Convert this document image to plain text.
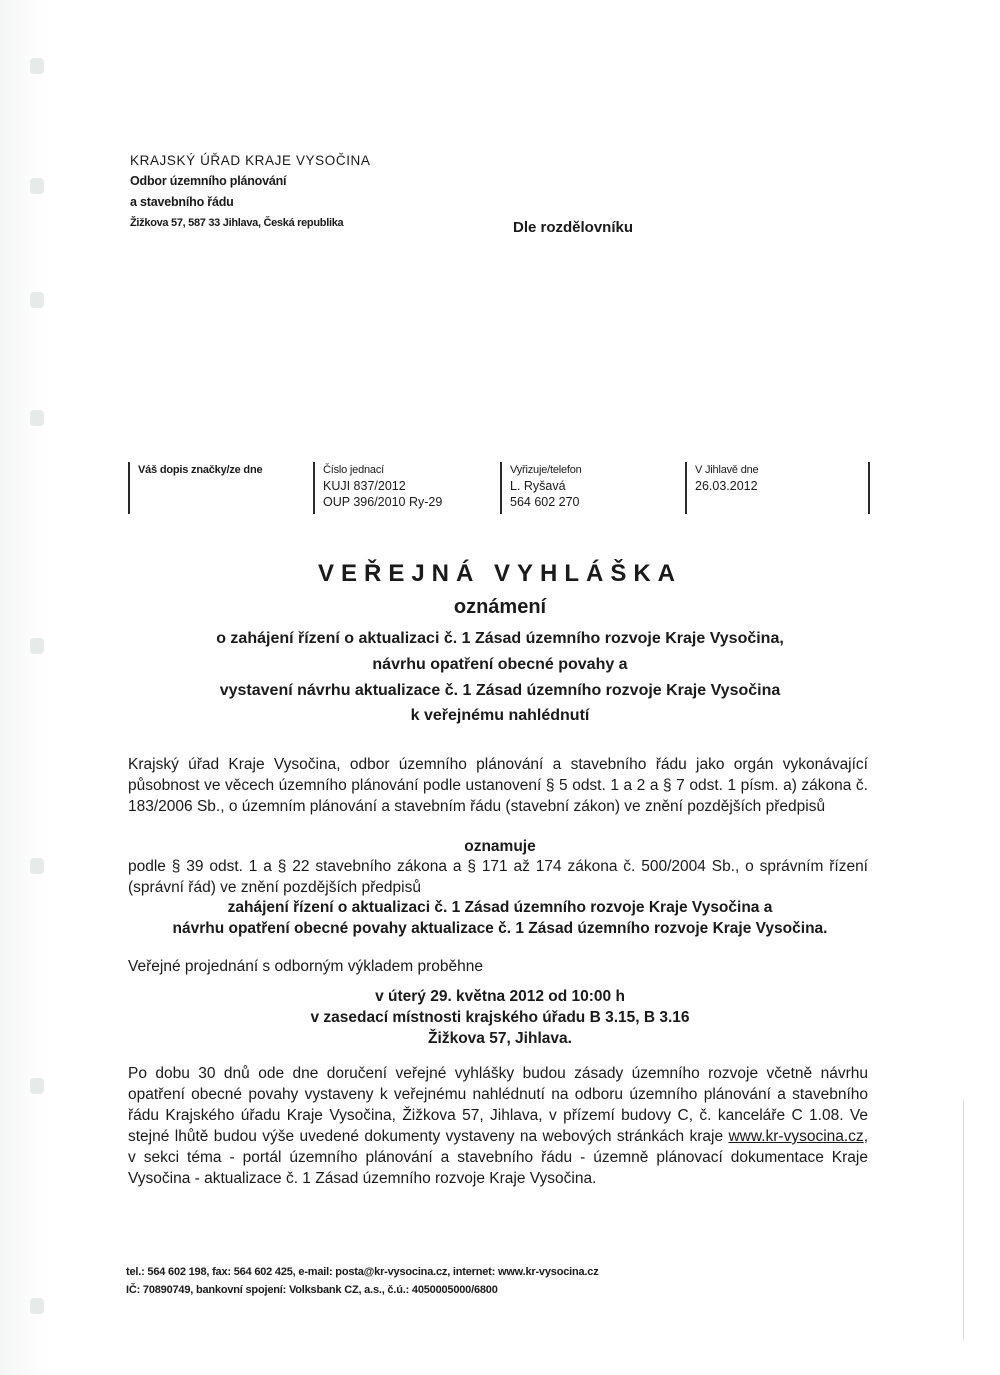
KRAJSKÝ ÚŘAD KRAJE VYSOČINA
Odbor územního plánování
a stavebního řádu
Žižkova 57, 587 33 Jihlava, Česká republika	Dle rozdělovníku
Váš dopis značky/ze dne	Číslo jednací
KUJI 837/2012
OUP 396/2010 Ry-29
Vyřizuje/telefon
L. Ryšavá
564 602 270
V Jihlavě dne
26.03.2012
VEŘEJNÁ VYHLÁŠKA
oznámení
o zahájení řízení o aktualizaci č. 1 Zásad územního rozvoje Kraje Vysočina,
návrhu opatření obecné povahy a
vystavení návrhu aktualizace č. 1 Zásad územního rozvoje Kraje Vysočina
k veřejnému nahlédnutí
Krajský úřad Kraje Vysočina, odbor územního plánování a stavebního řádu jako orgán vykonávající působnost ve věcech územního plánování podle ustanovení § 5 odst. 1 a 2 a § 7 odst. 1 písm. a) zákona č. 183/2006 Sb., o územním plánování a stavebním řádu (stavební zákon) ve znění pozdějších předpisů
oznamuje
podle § 39 odst. 1 a § 22 stavebního zákona a § 171 až 174 zákona č. 500/2004 Sb., o správním řízení (správní řád) ve znění pozdějších předpisů
zahájení řízení o aktualizaci č. 1 Zásad územního rozvoje Kraje Vysočina a
návrhu opatření obecné povahy aktualizace č. 1 Zásad územního rozvoje Kraje Vysočina.
Veřejné projednání s odborným výkladem proběhne
v úterý 29. května 2012 od 10:00 h
v zasedací místnosti krajského úřadu B 3.15, B 3.16
Žižkova 57, Jihlava.
Po dobu 30 dnů ode dne doručení veřejné vyhlášky budou zásady územního rozvoje včetně návrhu opatření obecné povahy vystaveny k veřejnému nahlédnutí na odboru územního plánování a stavebního řádu Krajského úřadu Kraje Vysočina, Žižkova 57, Jihlava, v přízemí budovy C, č. kanceláře C 1.08. Ve stejné lhůtě budou výše uvedené dokumenty vystaveny na webových stránkách kraje www.kr-vysocina.cz, v sekci téma - portál územního plánování a stavebního řádu - územně plánovací dokumentace Kraje Vysočina - aktualizace č. 1 Zásad územního rozvoje Kraje Vysočina.
tel.: 564 602 198, fax: 564 602 425, e-mail: posta@kr-vysocina.cz, internet: www.kr-vysocina.cz
IČ: 70890749, bankovní spojení: Volksbank CZ, a.s., č.ú.: 4050005000/6800
